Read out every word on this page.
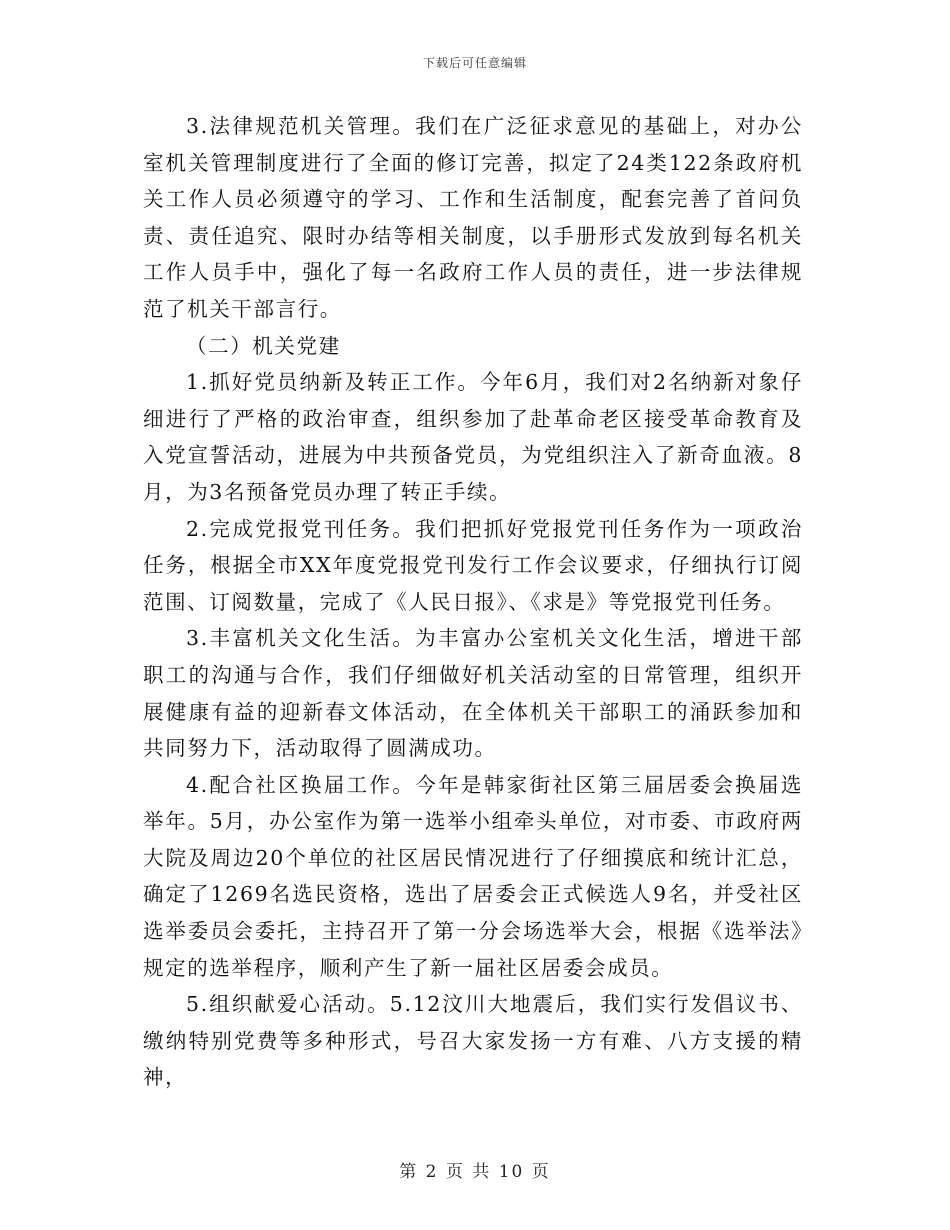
下载后可任意编辑

3.法律规范机关管理。我们在广泛征求意见的基础上，对办公室机关管理制度进行了全面的修订完善，拟定了24类122条政府机关工作人员必须遵守的学习、工作和生活制度，配套完善了首问负责、责任追究、限时办结等相关制度，以手册形式发放到每名机关工作人员手中，强化了每一名政府工作人员的责任，进一步法律规范了机关干部言行。

（二）机关党建

1.抓好党员纳新及转正工作。今年6月，我们对2名纳新对象仔细进行了严格的政治审查，组织参加了赴革命老区接受革命教育及入党宣誓活动，进展为中共预备党员，为党组织注入了新奇血液。8月，为3名预备党员办理了转正手续。

2.完成党报党刊任务。我们把抓好党报党刊任务作为一项政治任务，根据全市XX年度党报党刊发行工作会议要求，仔细执行订阅范围、订阅数量，完成了《人民日报》、《求是》等党报党刊任务。

3.丰富机关文化生活。为丰富办公室机关文化生活，增进干部职工的沟通与合作，我们仔细做好机关活动室的日常管理，组织开展健康有益的迎新春文体活动，在全体机关干部职工的涌跃参加和共同努力下，活动取得了圆满成功。

4.配合社区换届工作。今年是韩家街社区第三届居委会换届选举年。5月，办公室作为第一选举小组牵头单位，对市委、市政府两大院及周边20个单位的社区居民情况进行了仔细摸底和统计汇总，确定了1269名选民资格，选出了居委会正式候选人9名，并受社区选举委员会委托，主持召开了第一分会场选举大会，根据《选举法》规定的选举程序，顺利产生了新一届社区居委会成员。

5.组织献爱心活动。5.12汶川大地震后，我们实行发倡议书、缴纳特别党费等多种形式，号召大家发扬一方有难、八方支援的精神，

第 2 页 共 10 页
